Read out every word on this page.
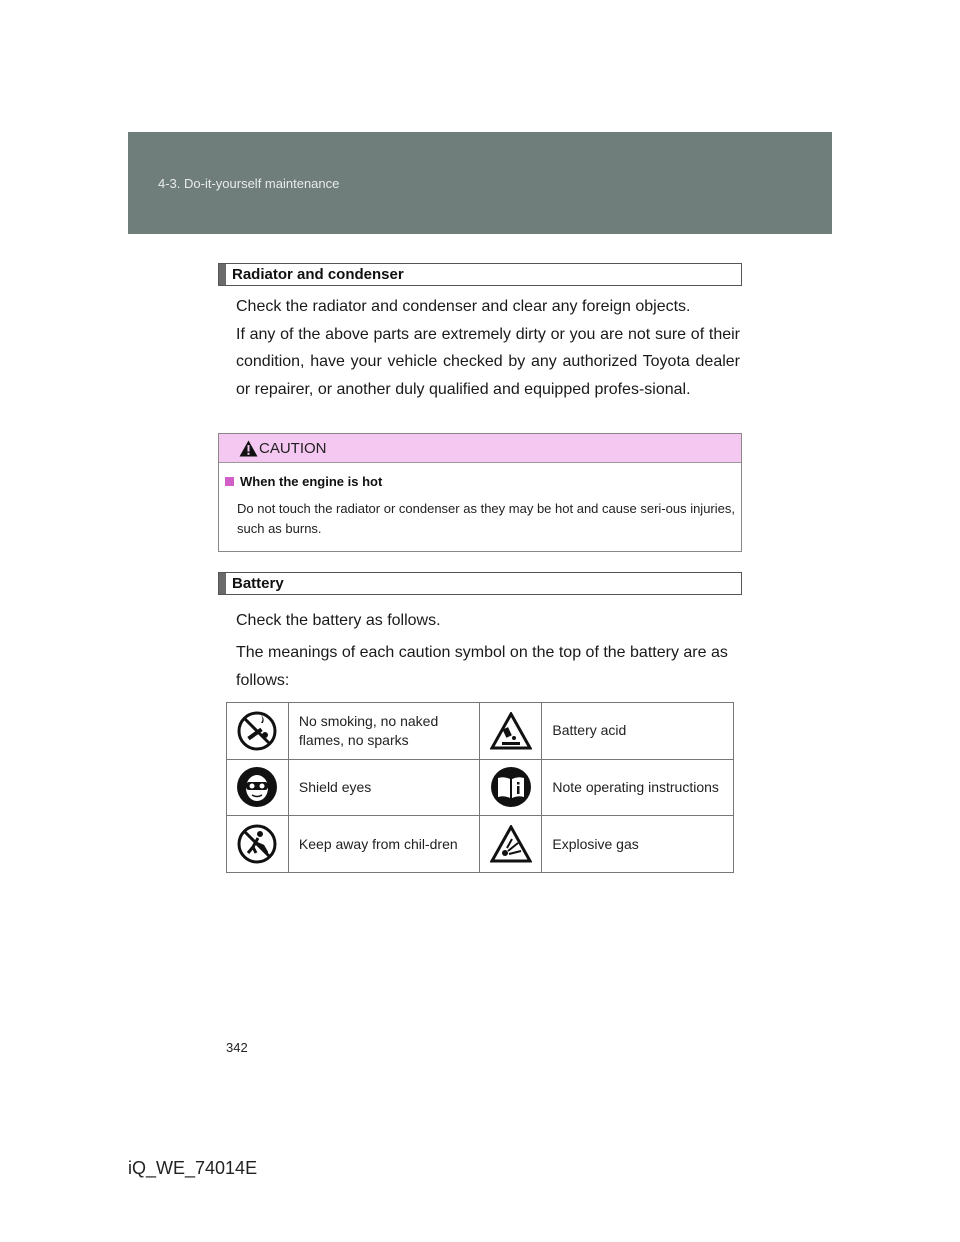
4-3. Do-it-yourself maintenance
Radiator and condenser
Check the radiator and condenser and clear any foreign objects.
If any of the above parts are extremely dirty or you are not sure of their condition, have your vehicle checked by any authorized Toyota dealer or repairer, or another duly qualified and equipped profes-sional.
CAUTION
When the engine is hot
Do not touch the radiator or condenser as they may be hot and cause seri-ous injuries, such as burns.
Battery
Check the battery as follows.
The meanings of each caution symbol on the top of the battery are as follows:
	No smoking, no naked flames, no sparks		Battery acid

	Shield eyes		Note operating instructions

	Keep away from chil-dren		Explosive gas
342
iQ_WE_74014E
